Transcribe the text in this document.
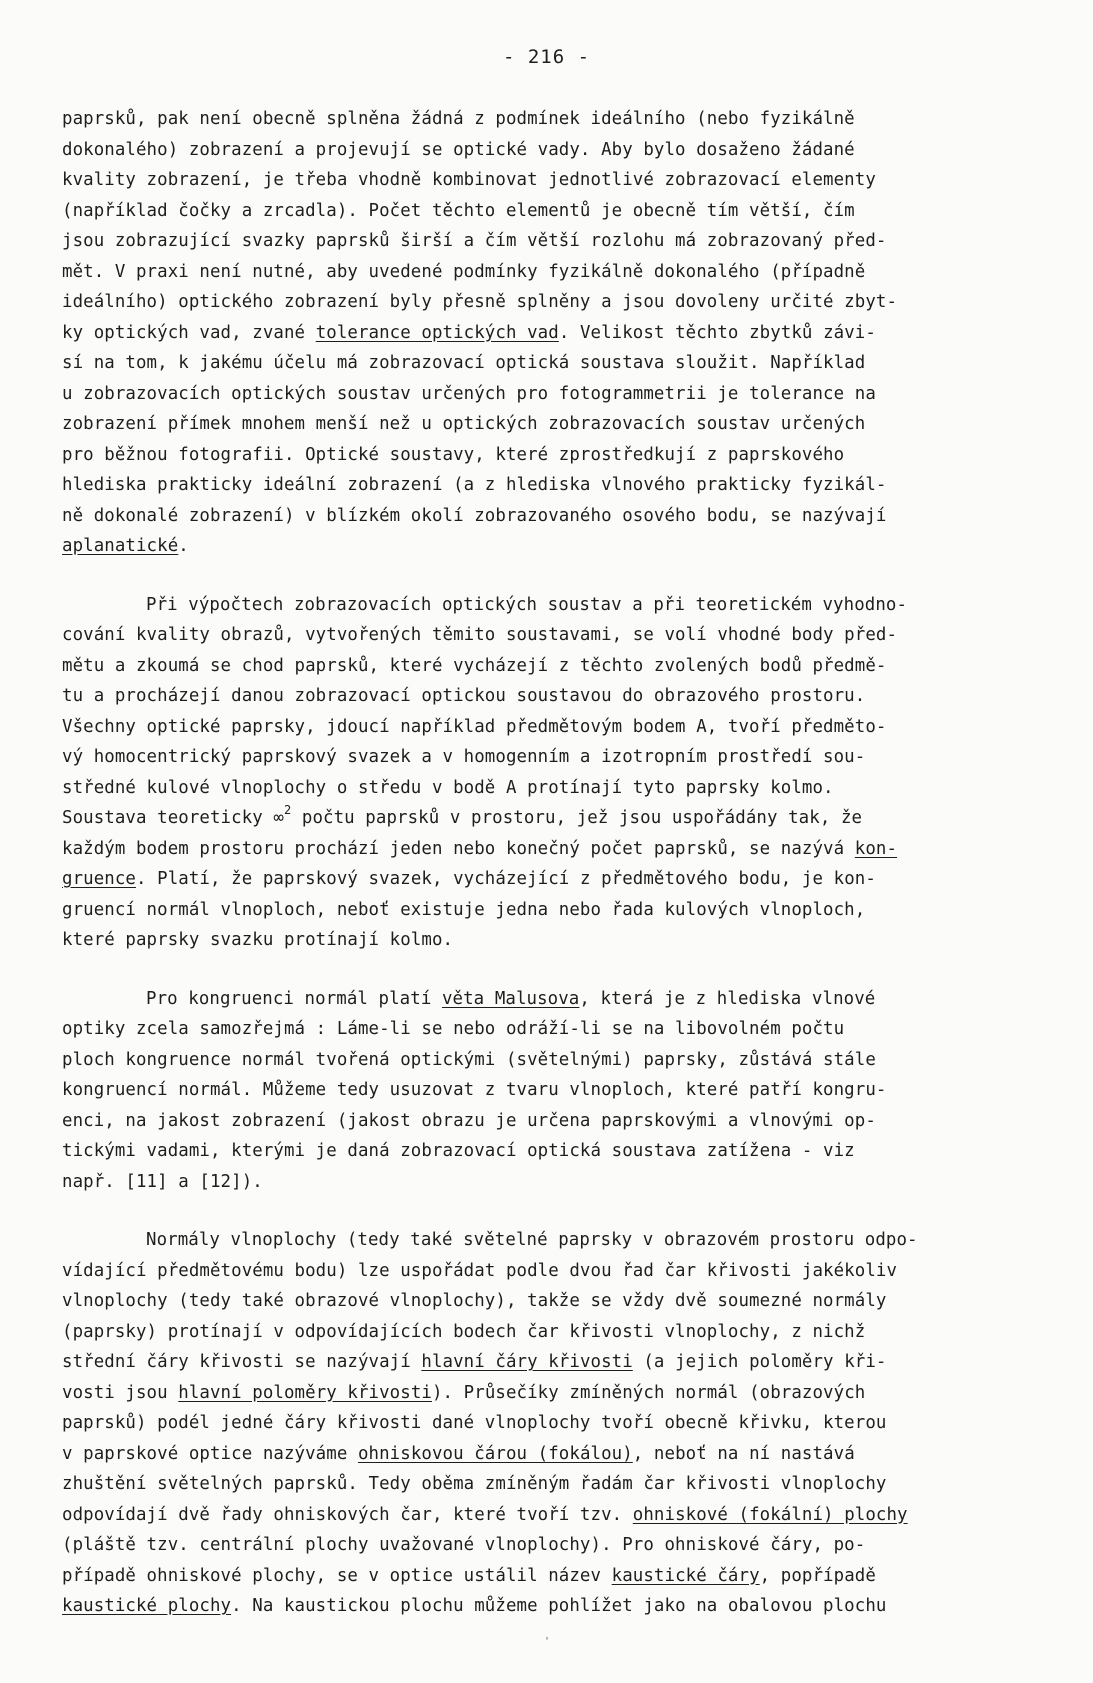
- 216 -
paprsků, pak není obecně splněna žádná z podmínek ideálního (nebo fyzikálně
dokonalého) zobrazení a projevují se optické vady. Aby bylo dosaženo žádané
kvality zobrazení, je třeba vhodně kombinovat jednotlivé zobrazovací elementy
(například čočky a zrcadla). Počet těchto elementů je obecně tím větší, čím
jsou zobrazující svazky paprsků širší a čím větší rozlohu má zobrazovaný před-
mět. V praxi není nutné, aby uvedené podmínky fyzikálně dokonalého (případně
ideálního) optického zobrazení byly přesně splněny a jsou dovoleny určité zbyt-
ky optických vad, zvané tolerance optických vad. Velikost těchto zbytků závi-
sí na tom, k jakému účelu má zobrazovací optická soustava sloužit. Například
u zobrazovacích optických soustav určených pro fotogrammetrii je tolerance na
zobrazení přímek mnohem menší než u optických zobrazovacích soustav určených
pro běžnou fotografii. Optické soustavy, které zprostředkují z paprskového
hlediska prakticky ideální zobrazení (a z hlediska vlnového prakticky fyzikál-
ně dokonalé zobrazení) v blízkém okolí zobrazovaného osového bodu, se nazývají
aplanatické.
Při výpočtech zobrazovacích optických soustav a při teoretickém vyhodno-
cování kvality obrazů, vytvořených těmito soustavami, se volí vhodné body před-
mětu a zkoumá se chod paprsků, které vycházejí z těchto zvolených bodů předmě-
tu a procházejí danou zobrazovací optickou soustavou do obrazového prostoru.
Všechny optické paprsky, jdoucí například předmětovým bodem A, tvoří předměto-
vý homocentrický paprskový svazek a v homogenním a izotropním prostředí sou-
středné kulové vlnoplochy o středu v bodě A protínají tyto paprsky kolmo.
Soustava teoreticky ∞$^2$ počtu paprsků v prostoru, jež jsou uspořádány tak, že
každým bodem prostoru prochází jeden nebo konečný počet paprsků, se nazývá kon-
gruence. Platí, že paprskový svazek, vycházející z předmětového bodu, je kon-
gruencí normál vlnoploch, neboť existuje jedna nebo řada kulových vlnoploch,
které paprsky svazku protínají kolmo.
Pro kongruenci normál platí věta Malusova, která je z hlediska vlnové
optiky zcela samozřejmá : Láme-li se nebo odráží-li se na libovolném počtu
ploch kongruence normál tvořená optickými (světelnými) paprsky, zůstává stále
kongruencí normál. Můžeme tedy usuzovat z tvaru vlnoploch, které patří kongru-
enci, na jakost zobrazení (jakost obrazu je určena paprskovými a vlnovými op-
tickými vadami, kterými je daná zobrazovací optická soustava zatížena - viz
např. [11] a [12]).
Normály vlnoplochy (tedy také světelné paprsky v obrazovém prostoru odpo-
vídající předmětovému bodu) lze uspořádat podle dvou řad čar křivosti jakékoliv
vlnoplochy (tedy také obrazové vlnoplochy), takže se vždy dvě soumezné normály
(paprsky) protínají v odpovídajících bodech čar křivosti vlnoplochy, z nichž
střední čáry křivosti se nazývají hlavní čáry křivosti (a jejich poloměry kři-
vosti jsou hlavní poloměry křivosti). Průsečíky zmíněných normál (obrazových
paprsků) podél jedné čáry křivosti dané vlnoplochy tvoří obecně křivku, kterou
v paprskové optice nazýváme ohniskovou čárou (fokálou), neboť na ní nastává
zhuštění světelných paprsků. Tedy oběma zmíněným řadám čar křivosti vlnoplochy
odpovídají dvě řady ohniskových čar, které tvoří tzv. ohniskové (fokální) plochy
(pláště tzv. centrální plochy uvažované vlnoplochy). Pro ohniskové čáry, po-
případě ohniskové plochy, se v optice ustálil název kaustické čáry, popřípadě
kaustické plochy. Na kaustickou plochu můžeme pohlížet jako na obalovou plochu
'
